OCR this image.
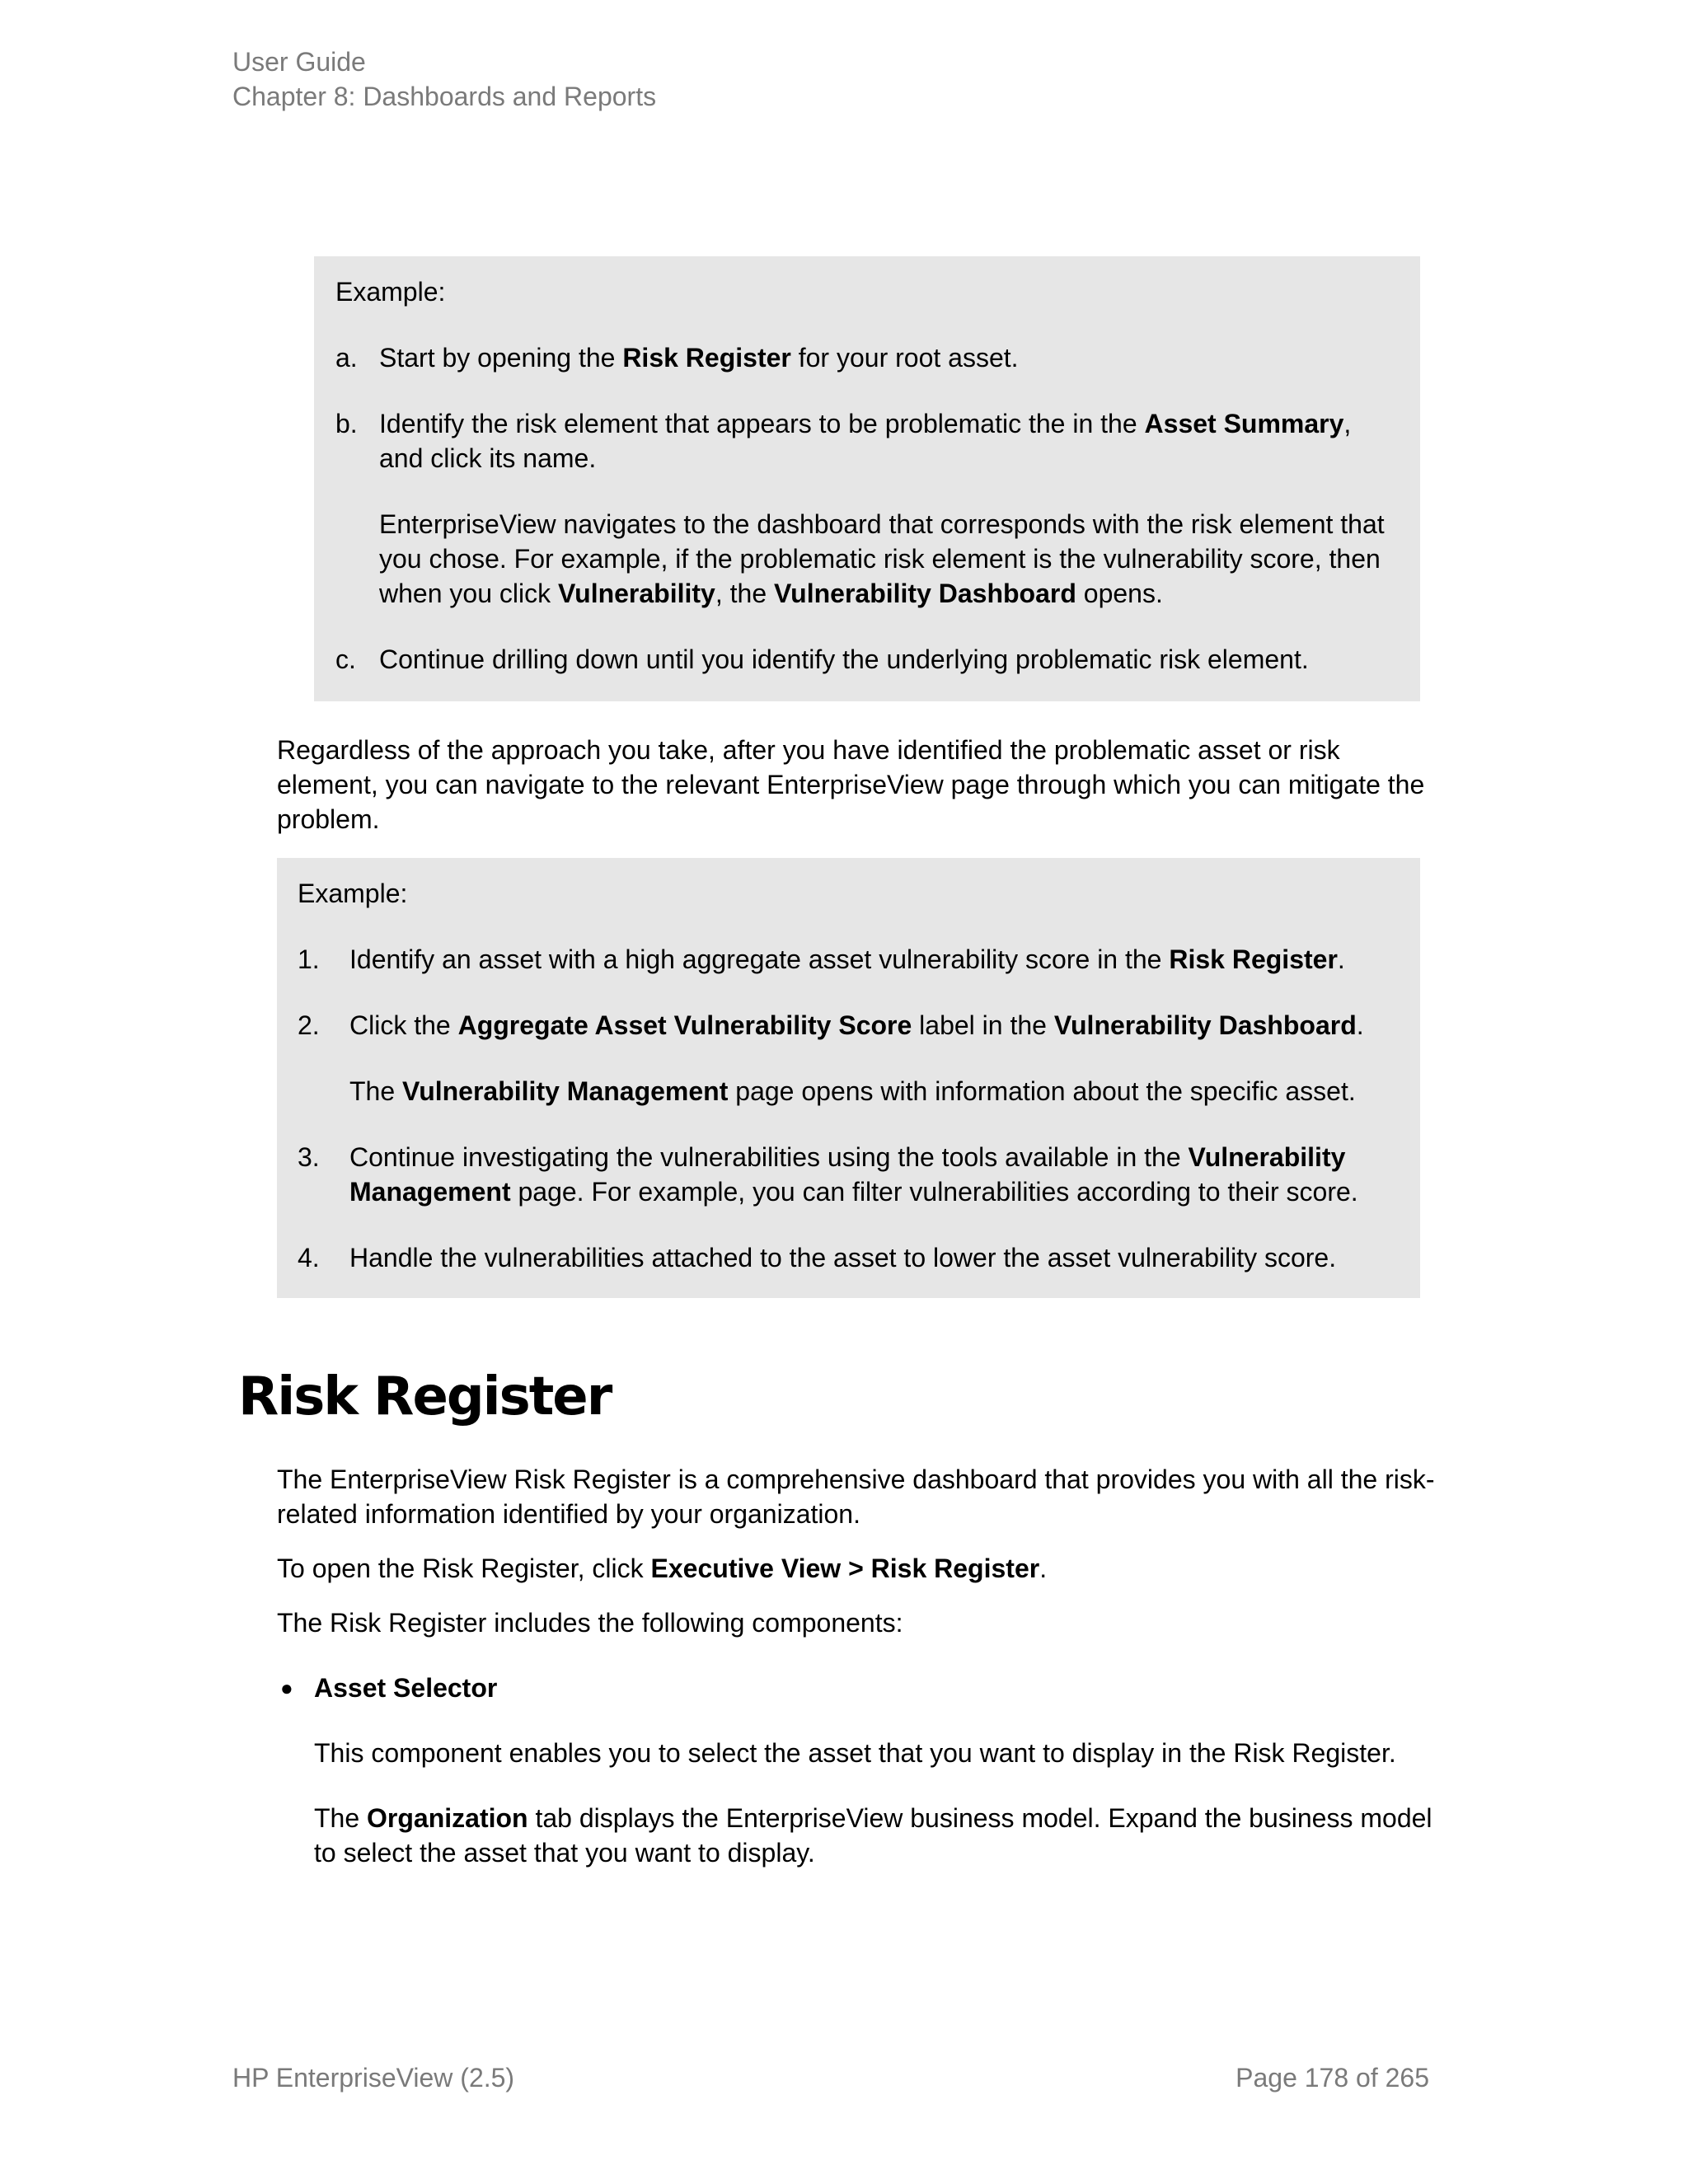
User Guide
Chapter 8: Dashboards and Reports
Example:
a. Start by opening the Risk Register for your root asset.
b. Identify the risk element that appears to be problematic the in the Asset Summary, and click its name.
EnterpriseView navigates to the dashboard that corresponds with the risk element that you chose. For example, if the problematic risk element is the vulnerability score, then when you click Vulnerability, the Vulnerability Dashboard opens.
c. Continue drilling down until you identify the underlying problematic risk element.

Regardless of the approach you take, after you have identified the problematic asset or risk element, you can navigate to the relevant EnterpriseView page through which you can mitigate the problem.

Example:
1.	Identify an asset with a high aggregate asset vulnerability score in the Risk Register.
2.	Click the Aggregate Asset Vulnerability Score label in the Vulnerability Dashboard.
The Vulnerability Management page opens with information about the specific asset.
3.	Continue investigating the vulnerabilities using the tools available in the Vulnerability Management page. For example, you can filter vulnerabilities according to their score.
4.	Handle the vulnerabilities attached to the asset to lower the asset vulnerability score.
Risk Register

The EnterpriseView Risk Register is a comprehensive dashboard that provides you with all the risk-related information identified by your organization.

To open the Risk Register, click Executive View > Risk Register.

The Risk Register includes the following components:

● Asset Selector

This component enables you to select the asset that you want to display in the Risk Register.

The Organization tab displays the EnterpriseView business model. Expand the business model to select the asset that you want to display.

HP EnterpriseView (2.5)	Page 178 of 265
